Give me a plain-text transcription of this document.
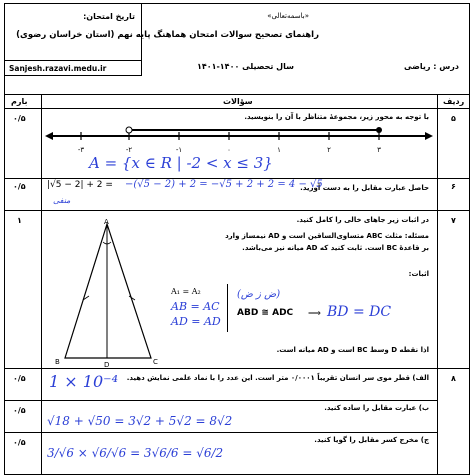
تاریخ امتحان:
Sanjesh.razavi.medu.ir
«باسمه‌تعالی»
راهنمای تصحیح سوالات امتحان هماهنگ پایه نهم (استان خراسان رضوی)
درس : ریاضی
سال تحصیلی ۱۴۰۰-۱۴۰۱
بارم	سؤالات	ردیف
۰/۵	۵
با توجه به محور زیر، مجموعهٔ متناظر با آن را بنویسید.
-۳	-۲	-۱	۰	۱	۲	۳
A = {x ∈ R | -2 < x ≤ 3}
۰/۵	۶
حاصل عبارت مقابل را به دست آورید.
|√5 − 2| + 2 = −(√5 − 2) + 2 = −√5 + 2 + 2 = 4 − √5
منفی
۱	۷
در اثبات زیر جاهای خالی را کامل کنید.
مسئله: مثلث ABC متساوی‌الساقین است و AD نیمساز وارد بر قاعدهٔ BC است. ثابت کنید که AD میانه نیز می‌باشد.
اثبات:
A
B	C
D
A₁ = A₂
AB = AC
AD = AD
(ض ز ض)
ABD ≅ ADC ⟹ BD = DC
اذا نقطه D وسط BC است و AD میانه است.
۰/۵	۸
الف) قطر موی سر انسان تقریباً ۰/۰۰۰۱ متر است. این عدد را با نماد علمی نمایش دهید.
1 × 10⁻⁴
۰/۵	ب) عبارت مقابل را ساده کنید.
√18 + √50 = 3√2 + 5√2 = 8√2
۰/۵	ج) مخرج کسر مقابل را گویا کنید.
3/√6 × √6/√6 = 3√6/6 = √6/2
